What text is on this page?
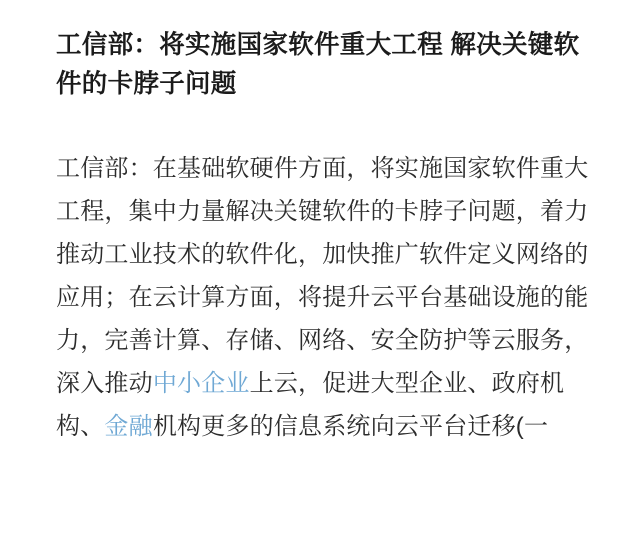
工信部：将实施国家软件重大工程 解决关键软件的卡脖子问题

工信部：在基础软硬件方面，将实施国家软件重大工程，集中力量解决关键软件的卡脖子问题，着力推动工业技术的软件化，加快推广软件定义网络的应用；在云计算方面，将提升云平台基础设施的能力，完善计算、存储、网络、安全防护等云服务，深入推动中小企业上云，促进大型企业、政府机构、金融机构更多的信息系统向云平台迁移(一
